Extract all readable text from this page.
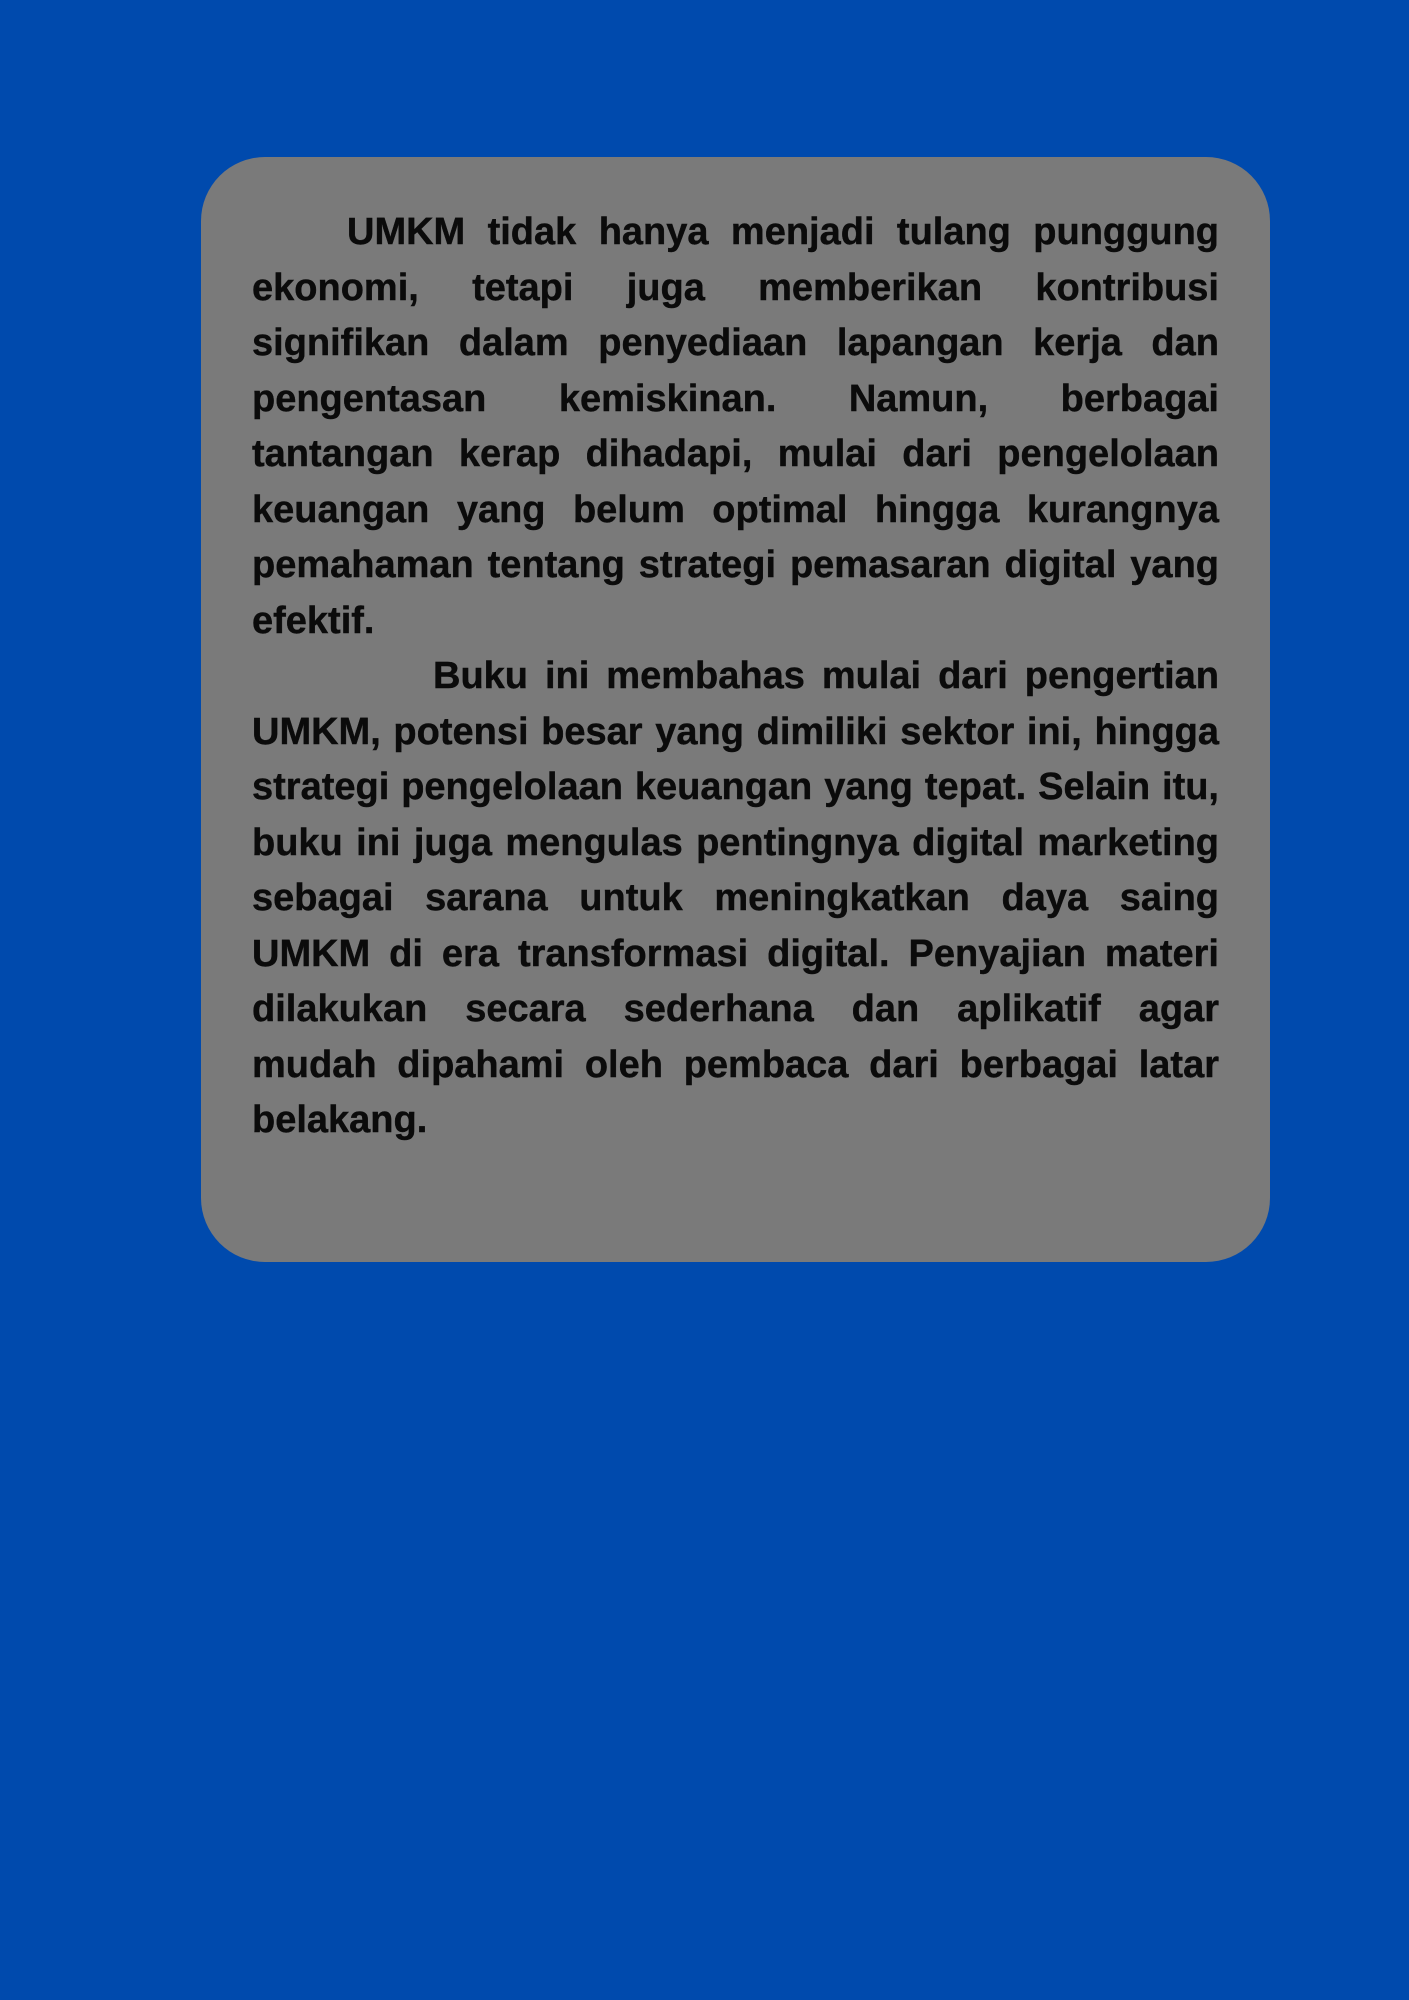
UMKM tidak hanya menjadi tulang punggung ekonomi, tetapi juga memberikan kontribusi signifikan dalam penyediaan lapangan kerja dan pengentasan kemiskinan. Namun, berbagai tantangan kerap dihadapi, mulai dari pengelolaan keuangan yang belum optimal hingga kurangnya pemahaman tentang strategi pemasaran digital yang efektif.

Buku ini membahas mulai dari pengertian UMKM, potensi besar yang dimiliki sektor ini, hingga strategi pengelolaan keuangan yang tepat. Selain itu, buku ini juga mengulas pentingnya digital marketing sebagai sarana untuk meningkatkan daya saing UMKM di era transformasi digital. Penyajian materi dilakukan secara sederhana dan aplikatif agar mudah dipahami oleh pembaca dari berbagai latar belakang.
